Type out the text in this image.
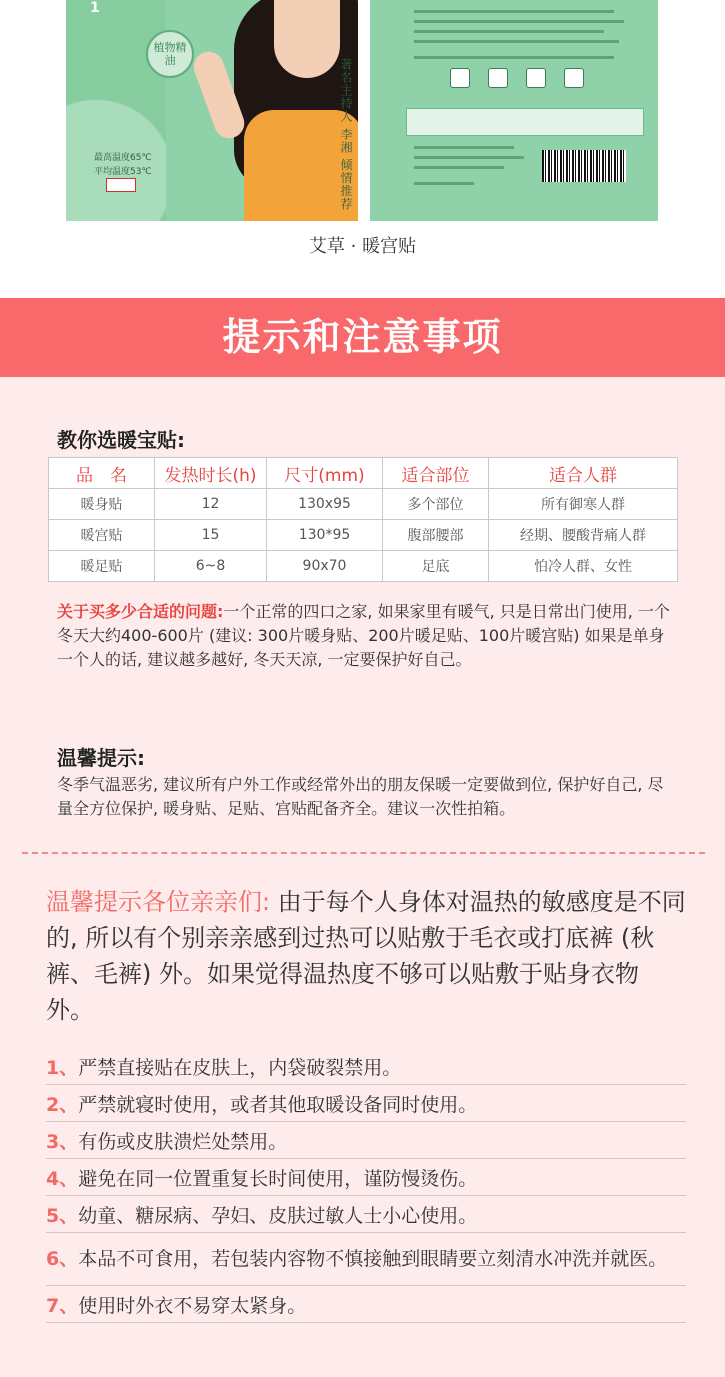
1
植物精油	著名主持人 李湘 倾情推荐
最高温度65℃
平均温度53℃
艾草 · 暖宫贴
提示和注意事项
教你选暖宝贴:
品　名	发热时长(h)	尺寸(mm)	适合部位	适合人群
暖身贴	12	130x95	多个部位	所有御寒人群
暖宫贴	15	130*95	腹部腰部	经期、腰酸背痛人群
暖足贴	6~8	90x70	足底	怕冷人群、女性
关于买多少合适的问题:一个正常的四口之家, 如果家里有暖气, 只是日常出门使用, 一个冬天大约400-600片 (建议: 300片暖身贴、200片暖足贴、100片暖宫贴) 如果是单身一个人的话, 建议越多越好, 冬天天凉, 一定要保护好自己。
温馨提示:
冬季气温恶劣, 建议所有户外工作或经常外出的朋友保暖一定要做到位, 保护好自己, 尽量全方位保护, 暖身贴、足贴、宫贴配备齐全。建议一次性拍箱。
温馨提示各位亲亲们: 由于每个人身体对温热的敏感度是不同的, 所以有个别亲亲感到过热可以贴敷于毛衣或打底裤 (秋裤、毛裤) 外。如果觉得温热度不够可以贴敷于贴身衣物外。
1、 严禁直接贴在皮肤上，内袋破裂禁用。
2、 严禁就寝时使用，或者其他取暖设备同时使用。
3、 有伤或皮肤溃烂处禁用。
4、 避免在同一位置重复长时间使用，谨防慢烫伤。
5、 幼童、糖尿病、孕妇、皮肤过敏人士小心使用。
6、本品不可食用，若包装内容物不慎接触到眼睛要立刻清水冲洗并就医。
7、 使用时外衣不易穿太紧身。
